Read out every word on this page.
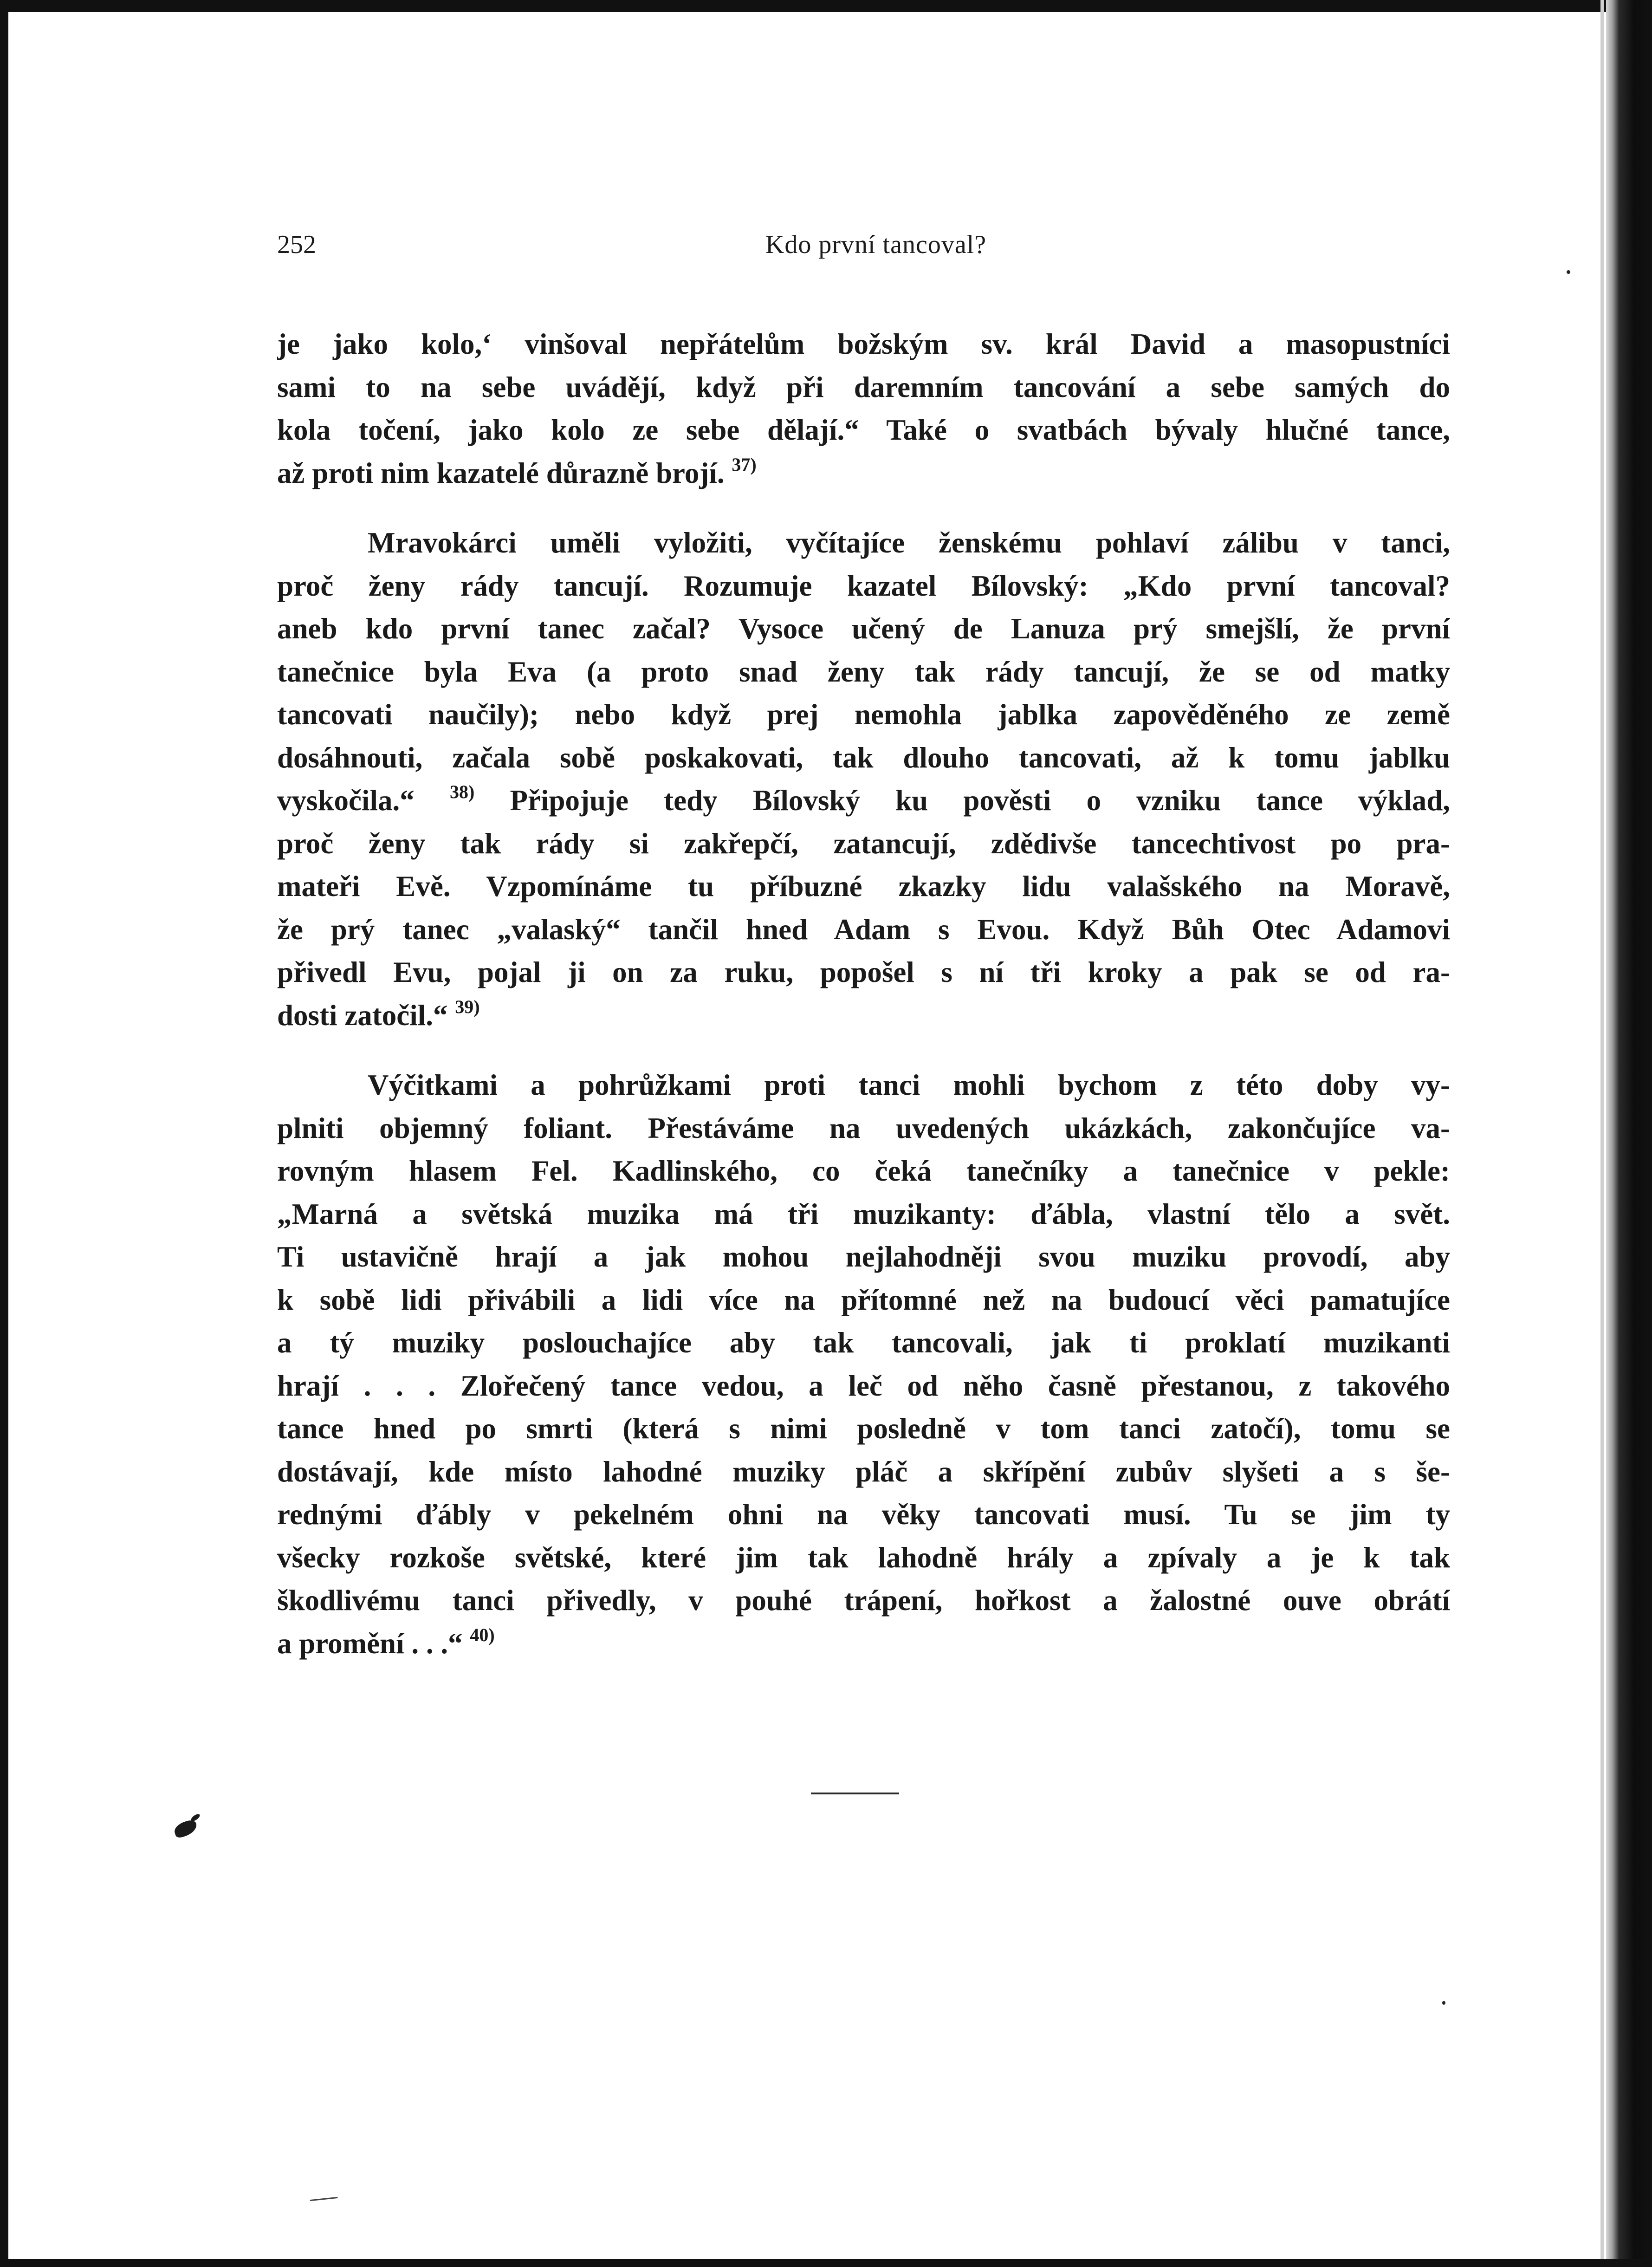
252	Kdo první tancoval?
je jako kolo,‘ vinšoval nepřátelům božským sv. král David a masopustníci
sami to na sebe uvádějí, když při daremním tancování a sebe samých do
kola točení, jako kolo ze sebe dělají.“ Také o svatbách bývaly hlučné tance,
až proti nim kazatelé důrazně brojí. $^{37)}$
Mravokárci uměli vyložiti, vyčítajíce ženskému pohlaví zálibu v tanci,
proč ženy rády tancují. Rozumuje kazatel Bílovský: „Kdo první tancoval?
aneb kdo první tanec začal? Vysoce učený de Lanuza prý smejšlí, že první
tanečnice byla Eva (a proto snad ženy tak rády tancují, že se od matky
tancovati naučily); nebo když prej nemohla jablka zapověděného ze země
dosáhnouti, začala sobě poskakovati, tak dlouho tancovati, až k tomu jablku
vyskočila.“ $^{38)}$ Připojuje tedy Bílovský ku pověsti o vzniku tance výklad,
proč ženy tak rády si zakřepčí, zatancují, zdědivše tancechtivost po pra-
mateři Evě. Vzpomínáme tu příbuzné zkazky lidu valašského na Moravě,
že prý tanec „valaský“ tančil hned Adam s Evou. Když Bůh Otec Adamovi
přivedl Evu, pojal ji on za ruku, popošel s ní tři kroky a pak se od ra-
dosti zatočil.“ $^{39)}$
Výčitkami a pohrůžkami proti tanci mohli bychom z této doby vy-
plniti objemný foliant. Přestáváme na uvedených ukázkách, zakončujíce va-
rovným hlasem Fel. Kadlinského, co čeká tanečníky a tanečnice v pekle:
„Marná a světská muzika má tři muzikanty: ďábla, vlastní tělo a svět.
Ti ustavičně hrají a jak mohou nejlahodněji svou muziku provodí, aby
k sobě lidi přivábili a lidi více na přítomné než na budoucí věci pamatujíce
a tý muziky poslouchajíce aby tak tancovali, jak ti proklatí muzikanti
hrají . . . Zlořečený tance vedou, a leč od něho časně přestanou, z takového
tance hned po smrti (která s nimi posledně v tom tanci zatočí), tomu se
dostávají, kde místo lahodné muziky pláč a skřípění zubův slyšeti a s še-
rednými ďábly v pekelném ohni na věky tancovati musí. Tu se jim ty
všecky rozkoše světské, které jim tak lahodně hrály a zpívaly a je k tak
škodlivému tanci přivedly, v pouhé trápení, hořkost a žalostné ouve obrátí
a promění . . .“ $^{40)}$
